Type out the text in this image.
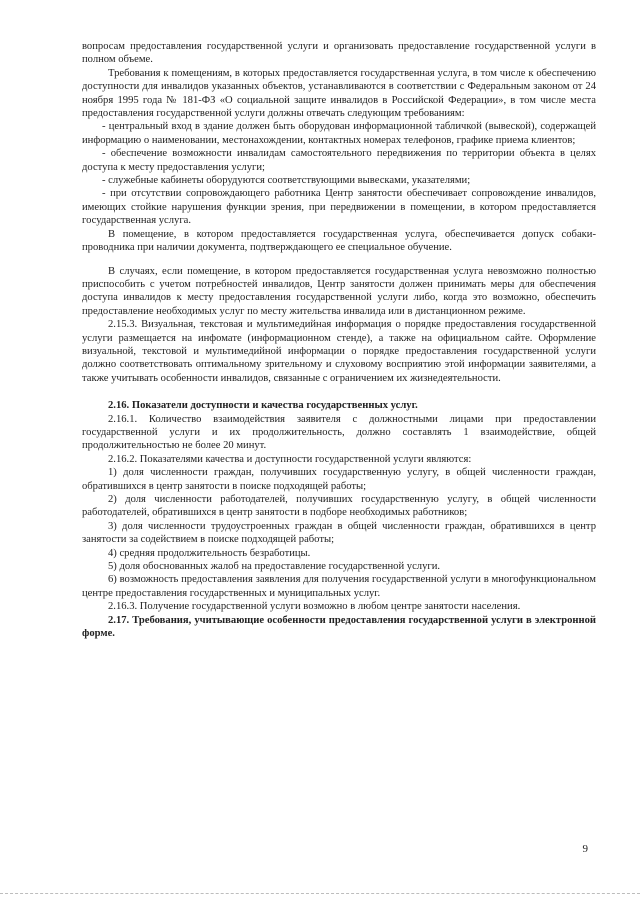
вопросам предоставления государственной услуги и организовать предоставление государственной услуги в полном объеме.

Требования к помещениям, в которых предоставляется государственная услуга, в том числе к обеспечению доступности для инвалидов указанных объектов, устанавливаются в соответствии с Федеральным законом от 24 ноября 1995 года № 181-ФЗ «О социальной защите инвалидов в Российской Федерации», в том числе места предоставления государственной услуги должны отвечать следующим требованиям:

- центральный вход в здание должен быть оборудован информационной табличкой (вывеской), содержащей информацию о наименовании, местонахождении, контактных номерах телефонов, графике приема клиентов;

- обеспечение возможности инвалидам самостоятельного передвижения по территории объекта в целях доступа к месту предоставления услуги;

- служебные кабинеты оборудуются соответствующими вывесками, указателями;

- при отсутствии сопровождающего работника Центр занятости обеспечивает сопровождение инвалидов, имеющих стойкие нарушения функции зрения, при передвижении в помещении, в котором предоставляется государственная услуга.

В помещение, в котором предоставляется государственная услуга, обеспечивается допуск собаки-проводника при наличии документа, подтверждающего ее специальное обучение.

В случаях, если помещение, в котором предоставляется государственная услуга невозможно полностью приспособить с учетом потребностей инвалидов, Центр занятости должен принимать меры для обеспечения доступа инвалидов к месту предоставления государственной услуги либо, когда это возможно, обеспечить предоставление необходимых услуг по месту жительства инвалида или в дистанционном режиме.

2.15.3. Визуальная, текстовая и мультимедийная информация о порядке предоставления государственной услуги размещается на инфомате (информационном стенде), а также на официальном сайте. Оформление визуальной, текстовой и мультимедийной информации о порядке предоставления государственной услуги должно соответствовать оптимальному зрительному и слуховому восприятию этой информации заявителями, а также учитывать особенности инвалидов, связанные с ограничением их жизнедеятельности.

2.16. Показатели доступности и качества государственных услуг.

2.16.1. Количество взаимодействия заявителя с должностными лицами при предоставлении государственной услуги и их продолжительность, должно составлять 1 взаимодействие, общей продолжительностью не более 20 минут.

2.16.2. Показателями качества и доступности государственной услуги являются:

1) доля численности граждан, получивших государственную услугу, в общей численности граждан, обратившихся в центр занятости в поиске подходящей работы;

2) доля численности работодателей, получивших государственную услугу, в общей численности работодателей, обратившихся в центр занятости в подборе необходимых работников;

3) доля численности трудоустроенных граждан в общей численности граждан, обратившихся в центр занятости за содействием в поиске подходящей работы;

4) средняя продолжительность безработицы.

5) доля обоснованных жалоб на предоставление государственной услуги.

6) возможность предоставления заявления для получения государственной услуги в многофункциональном центре предоставления государственных и муниципальных услуг.

2.16.3. Получение государственной услуги возможно в любом центре занятости населения.

2.17. Требования, учитывающие особенности предоставления государственной услуги в электронной форме.

9
